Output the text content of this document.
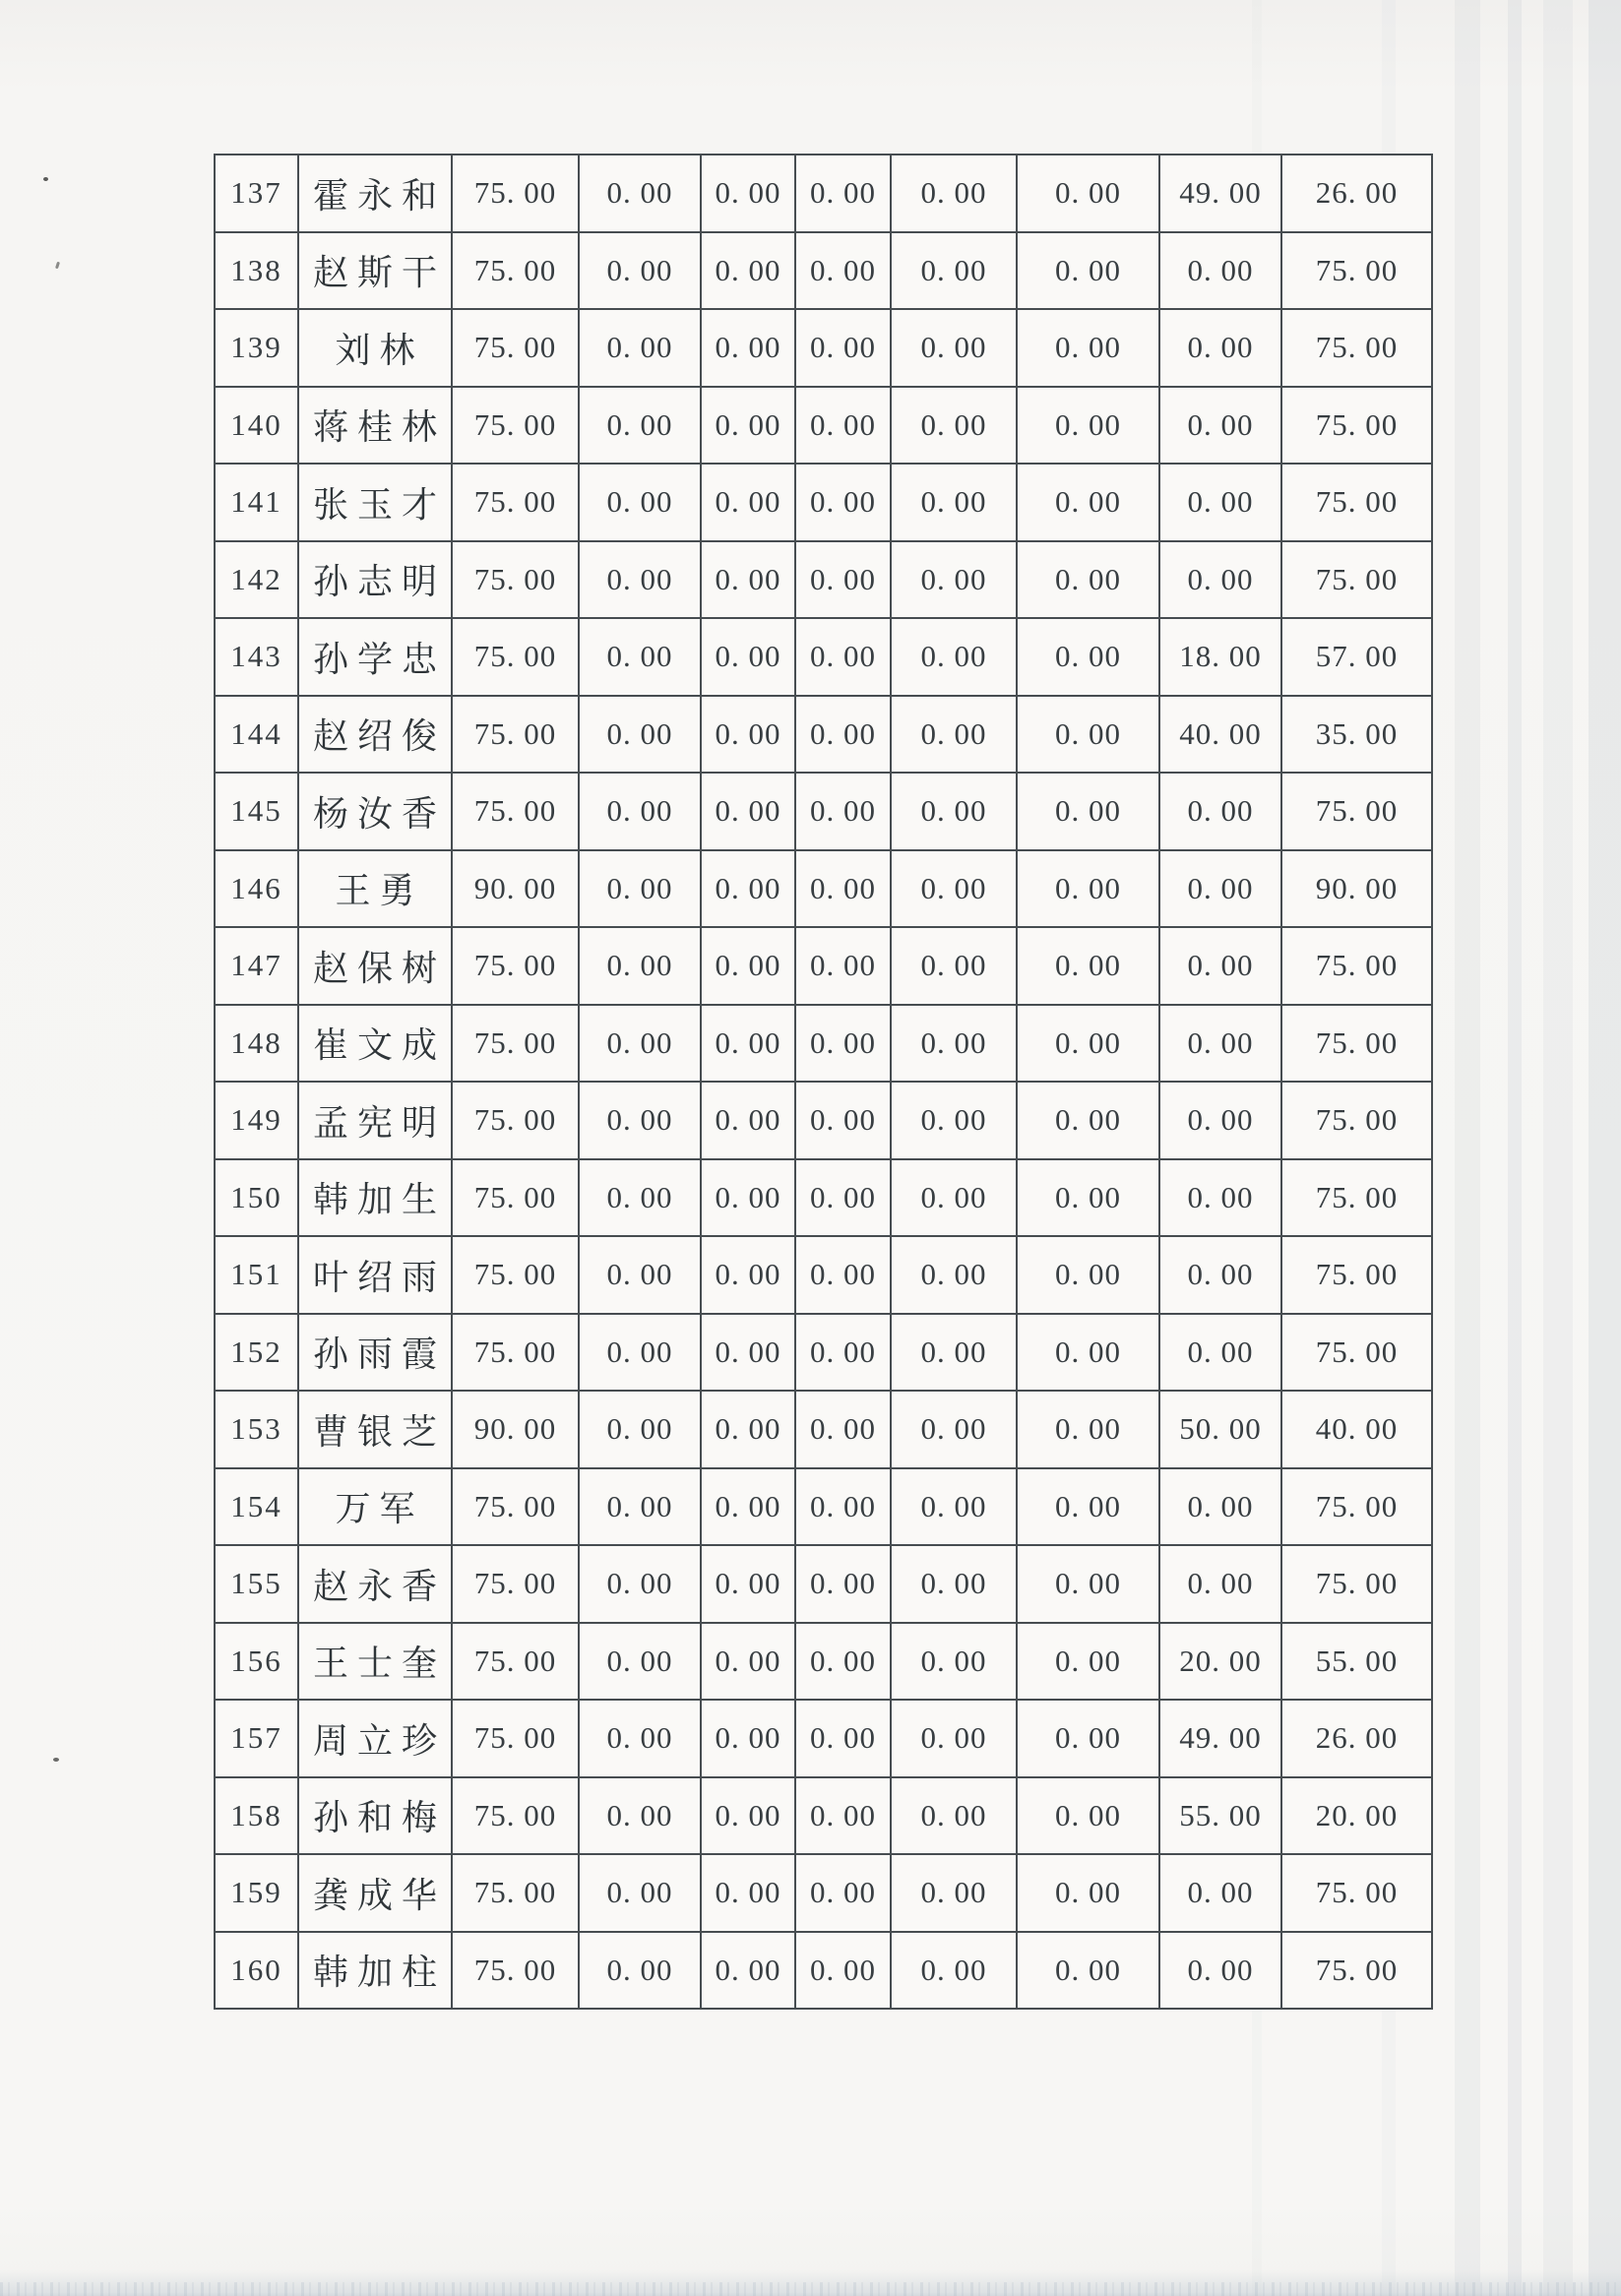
137	霍永和	75. 00	0. 00	0. 00	0. 00	0. 00	0. 00	49. 00	26. 00
138	赵斯干	75. 00	0. 00	0. 00	0. 00	0. 00	0. 00	0. 00	75. 00
139	刘林	75. 00	0. 00	0. 00	0. 00	0. 00	0. 00	0. 00	75. 00
140	蒋桂林	75. 00	0. 00	0. 00	0. 00	0. 00	0. 00	0. 00	75. 00
141	张玉才	75. 00	0. 00	0. 00	0. 00	0. 00	0. 00	0. 00	75. 00
142	孙志明	75. 00	0. 00	0. 00	0. 00	0. 00	0. 00	0. 00	75. 00
143	孙学忠	75. 00	0. 00	0. 00	0. 00	0. 00	0. 00	18. 00	57. 00
144	赵绍俊	75. 00	0. 00	0. 00	0. 00	0. 00	0. 00	40. 00	35. 00
145	杨汝香	75. 00	0. 00	0. 00	0. 00	0. 00	0. 00	0. 00	75. 00
146	王勇	90. 00	0. 00	0. 00	0. 00	0. 00	0. 00	0. 00	90. 00
147	赵保树	75. 00	0. 00	0. 00	0. 00	0. 00	0. 00	0. 00	75. 00
148	崔文成	75. 00	0. 00	0. 00	0. 00	0. 00	0. 00	0. 00	75. 00
149	孟宪明	75. 00	0. 00	0. 00	0. 00	0. 00	0. 00	0. 00	75. 00
150	韩加生	75. 00	0. 00	0. 00	0. 00	0. 00	0. 00	0. 00	75. 00
151	叶绍雨	75. 00	0. 00	0. 00	0. 00	0. 00	0. 00	0. 00	75. 00
152	孙雨霞	75. 00	0. 00	0. 00	0. 00	0. 00	0. 00	0. 00	75. 00
153	曹银芝	90. 00	0. 00	0. 00	0. 00	0. 00	0. 00	50. 00	40. 00
154	万军	75. 00	0. 00	0. 00	0. 00	0. 00	0. 00	0. 00	75. 00
155	赵永香	75. 00	0. 00	0. 00	0. 00	0. 00	0. 00	0. 00	75. 00
156	王士奎	75. 00	0. 00	0. 00	0. 00	0. 00	0. 00	20. 00	55. 00
157	周立珍	75. 00	0. 00	0. 00	0. 00	0. 00	0. 00	49. 00	26. 00
158	孙和梅	75. 00	0. 00	0. 00	0. 00	0. 00	0. 00	55. 00	20. 00
159	龚成华	75. 00	0. 00	0. 00	0. 00	0. 00	0. 00	0. 00	75. 00
160	韩加柱	75. 00	0. 00	0. 00	0. 00	0. 00	0. 00	0. 00	75. 00
